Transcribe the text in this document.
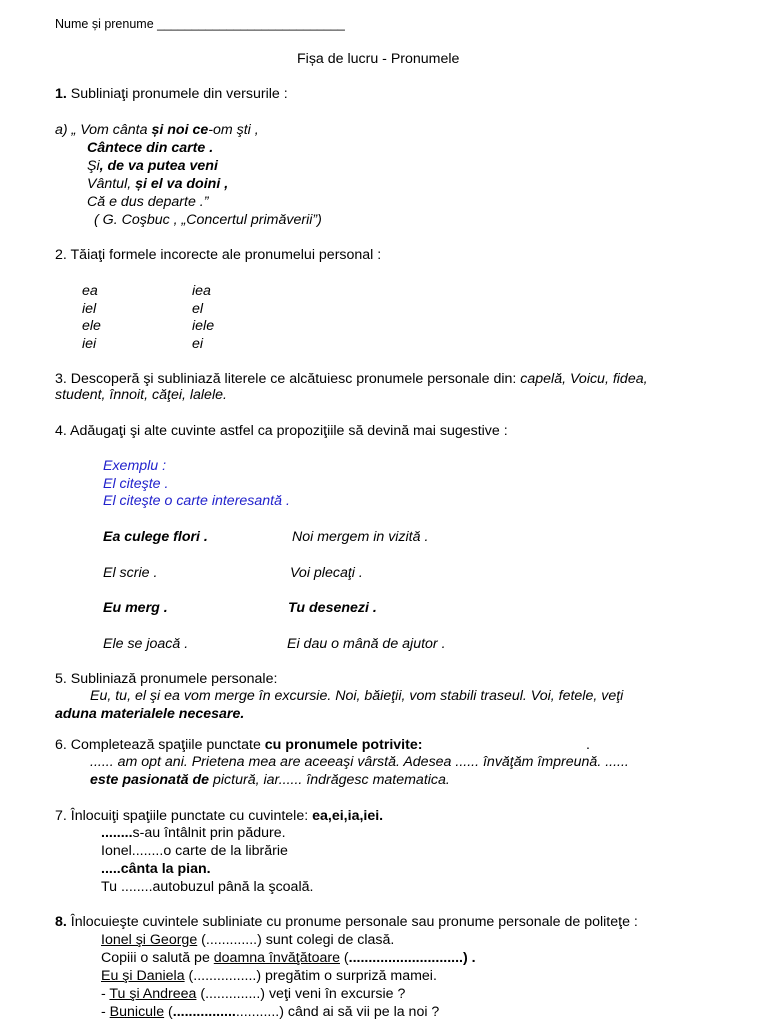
Nume și prenume ___________________________
Fișa de lucru - Pronumele
1. Subliniaţi pronumele din versurile :
a) „ Vom cânta și noi ce-om şti ,
Cântece din carte .
Şi, de va putea veni
Vântul, și el va doini ,
Că e dus departe .”
( G. Coşbuc , „Concertul primăverii”)
2. Tăiaţi formele incorecte ale pronumelui personal :
ea	iea
iel	el
ele	iele
iei	ei
3. Descoperă şi subliniază literele ce alcătuiesc pronumele personale din: capelă, Voicu, fidea,
student, înnoit, căţei, lalele.
4. Adăugaţi şi alte cuvinte astfel ca propoziţiile să devină mai sugestive :
Exemplu :
El citeşte .
El citeşte o carte interesantă .
Ea culege flori .	Noi mergem in vizită .
El scrie .	Voi plecaţi .
Eu merg .	Tu desenezi .
Ele se joacă .	Ei dau o mână de ajutor .
5. Subliniază pronumele personale:
Eu, tu, el şi ea vom merge în excursie. Noi, băieţii, vom stabili traseul. Voi, fetele, veţi
aduna materialele necesare.
6. Completează spaţiile punctate cu pronumele potrivite:	.
...... am opt ani. Prietena mea are aceeaşi vârstă. Adesea ...... învăţăm împreună. ......
este pasionată de pictură, iar...... îndrăgesc matematica.
7. Înlocuiţi spaţiile punctate cu cuvintele: ea,ei,ia,iei.
........s-au întâlnit prin pădure.
Ionel........o carte de la librărie
.....cânta la pian.
Tu ........autobuzul până la şcoală.
8. Înlocuieşte cuvintele subliniate cu pronume personale sau pronume personale de politeţe :
Ionel şi George (.............) sunt colegi de clasă.
Copiii o salută pe doamna învăţătoare (.............................) .
Eu şi Daniela (................) pregătim o surpriză mamei.
- Tu şi Andreea (..............) veţi veni în excursie ?
- Bunicule (...........................) când ai să vii pe la noi ?
